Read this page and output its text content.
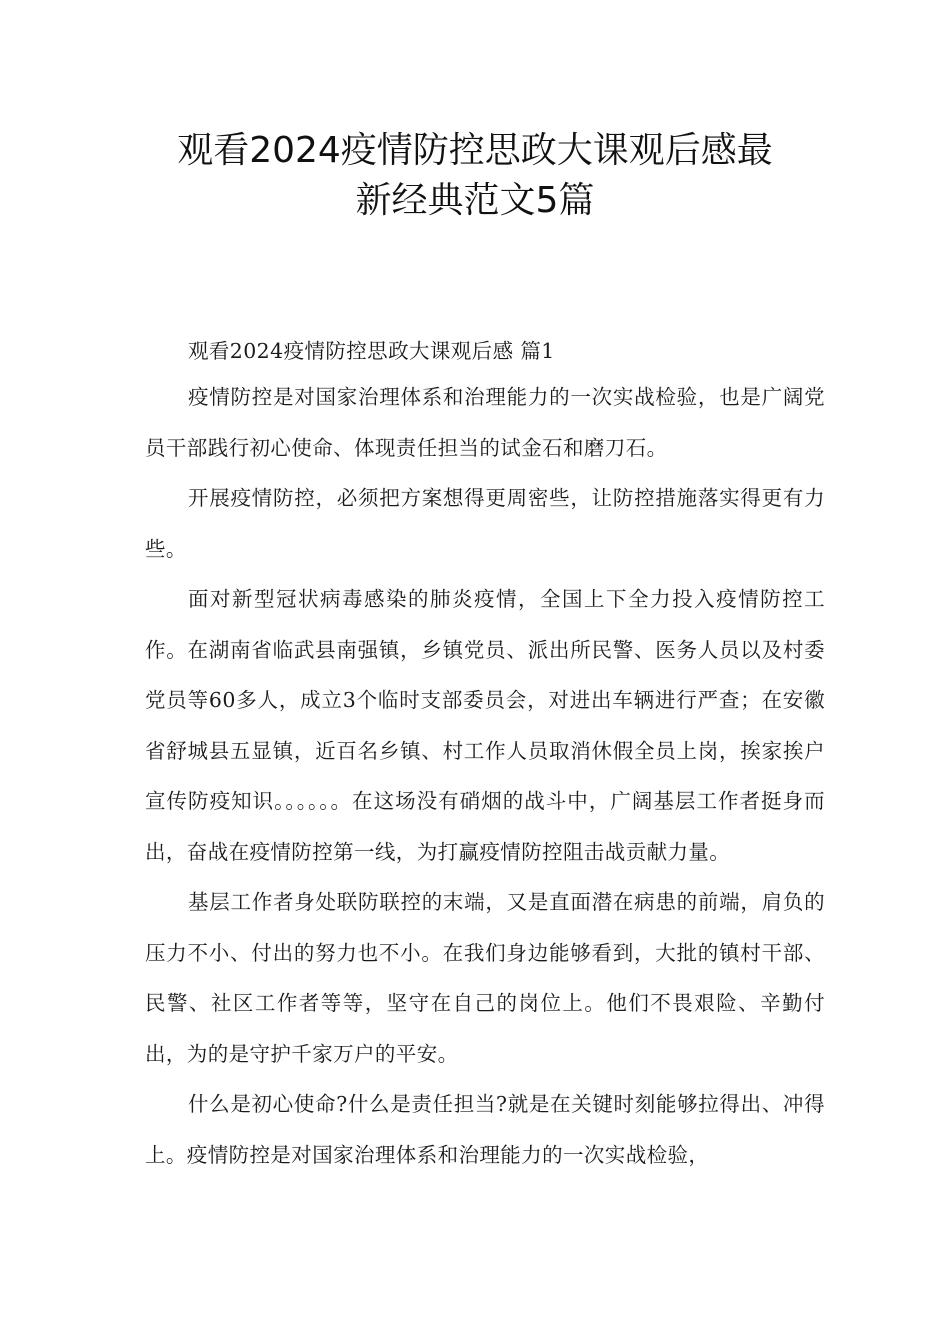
观看2024疫情防控思政大课观后感最
新经典范文5篇

观看2024疫情防控思政大课观后感 篇1

疫情防控是对国家治理体系和治理能力的一次实战检验，也是广阔党员干部践行初心使命、体现责任担当的试金石和磨刀石。

开展疫情防控，必须把方案想得更周密些，让防控措施落实得更有力些。

面对新型冠状病毒感染的肺炎疫情，全国上下全力投入疫情防控工作。在湖南省临武县南强镇，乡镇党员、派出所民警、医务人员以及村委党员等60多人，成立3个临时支部委员会，对进出车辆进行严查；在安徽省舒城县五显镇，近百名乡镇、村工作人员取消休假全员上岗，挨家挨户宣传防疫知识。。。。。。在这场没有硝烟的战斗中，广阔基层工作者挺身而出，奋战在疫情防控第一线，为打赢疫情防控阻击战贡献力量。

基层工作者身处联防联控的末端，又是直面潜在病患的前端，肩负的压力不小、付出的努力也不小。在我们身边能够看到，大批的镇村干部、民警、社区工作者等等，坚守在自己的岗位上。他们不畏艰险、辛勤付出，为的是守护千家万户的平安。

什么是初心使命?什么是责任担当?就是在关键时刻能够拉得出、冲得上。疫情防控是对国家治理体系和治理能力的一次实战检验，
